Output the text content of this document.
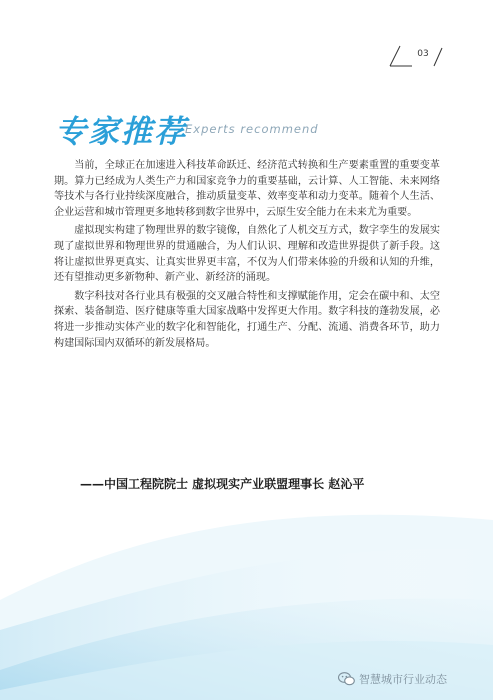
03
专家推荐
Experts recommend

当前，全球正在加速进入科技革命跃迁、经济范式转换和生产要素重置的重要变革期。算力已经成为人类生产力和国家竞争力的重要基础，云计算、人工智能、未来网络等技术与各行业持续深度融合，推动质量变革、效率变革和动力变革。随着个人生活、企业运营和城市管理更多地转移到数字世界中，云原生安全能力在未来尤为重要。

虚拟现实构建了物理世界的数字镜像，自然化了人机交互方式，数字孪生的发展实现了虚拟世界和物理世界的贯通融合，为人们认识、理解和改造世界提供了新手段。这将让虚拟世界更真实、让真实世界更丰富，不仅为人们带来体验的升级和认知的升维，还有望推动更多新物种、新产业、新经济的涌现。

数字科技对各行业具有极强的交叉融合特性和支撑赋能作用，定会在碳中和、太空探索、装备制造、医疗健康等重大国家战略中发挥更大作用。数字科技的蓬勃发展，必将进一步推动实体产业的数字化和智能化，打通生产、分配、流通、消费各环节，助力构建国际国内双循环的新发展格局。

——中国工程院院士 虚拟现实产业联盟理事长 赵沁平
智慧城市行业动态
